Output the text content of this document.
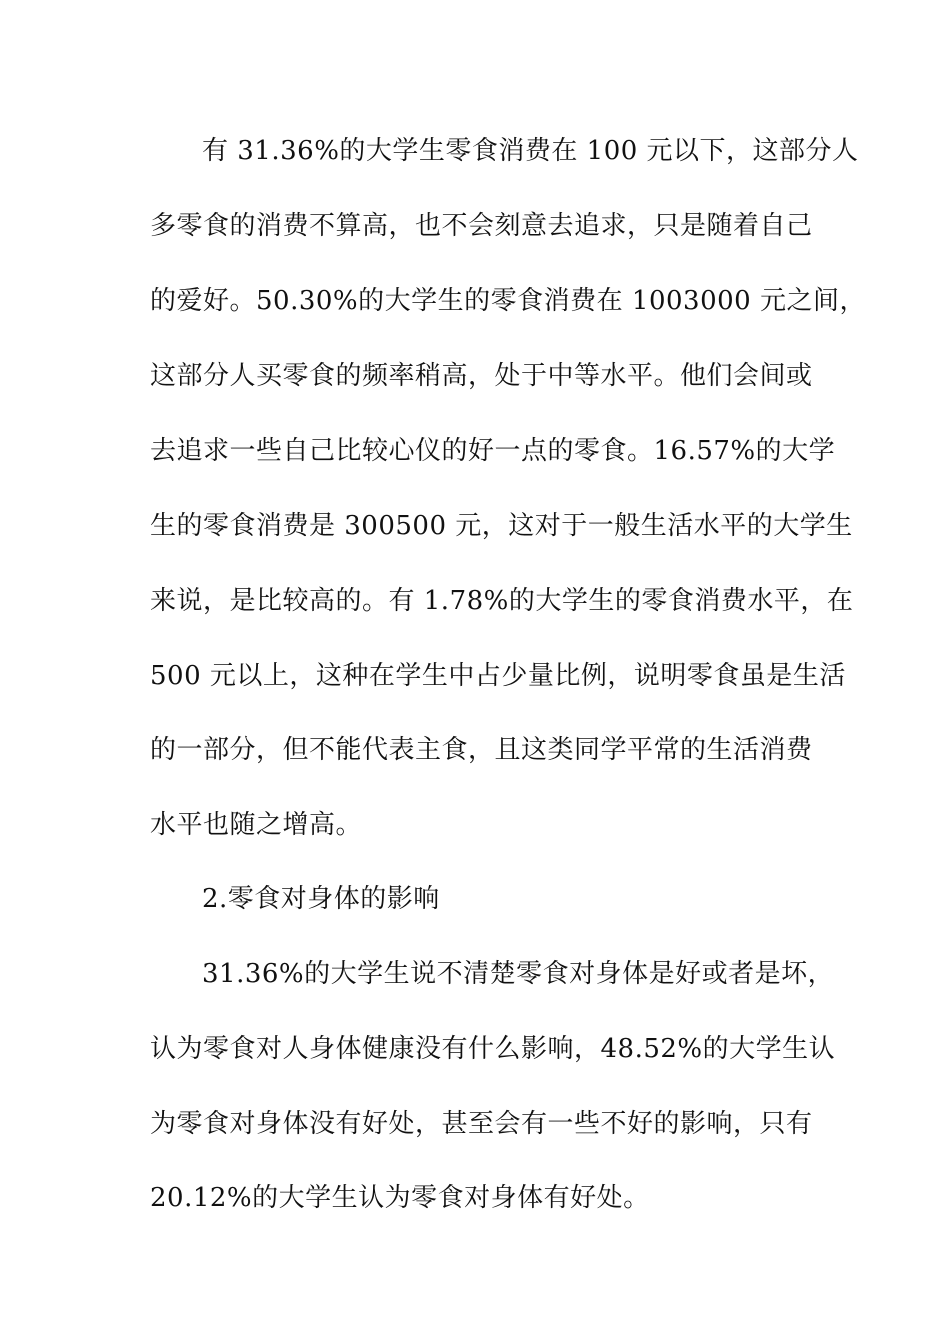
有 31.36%的大学生零食消费在 100 元以下，这部分人
多零食的消费不算高，也不会刻意去追求，只是随着自己
的爱好。50.30%的大学生的零食消费在 1003000 元之间，
这部分人买零食的频率稍高，处于中等水平。他们会间或
去追求一些自己比较心仪的好一点的零食。16.57%的大学
生的零食消费是 300500 元，这对于一般生活水平的大学生
来说，是比较高的。有 1.78%的大学生的零食消费水平，在
500 元以上，这种在学生中占少量比例，说明零食虽是生活
的一部分，但不能代表主食，且这类同学平常的生活消费
水平也随之增高。
2.零食对身体的影响
31.36%的大学生说不清楚零食对身体是好或者是坏，
认为零食对人身体健康没有什么影响，48.52%的大学生认
为零食对身体没有好处，甚至会有一些不好的影响，只有
20.12%的大学生认为零食对身体有好处。
